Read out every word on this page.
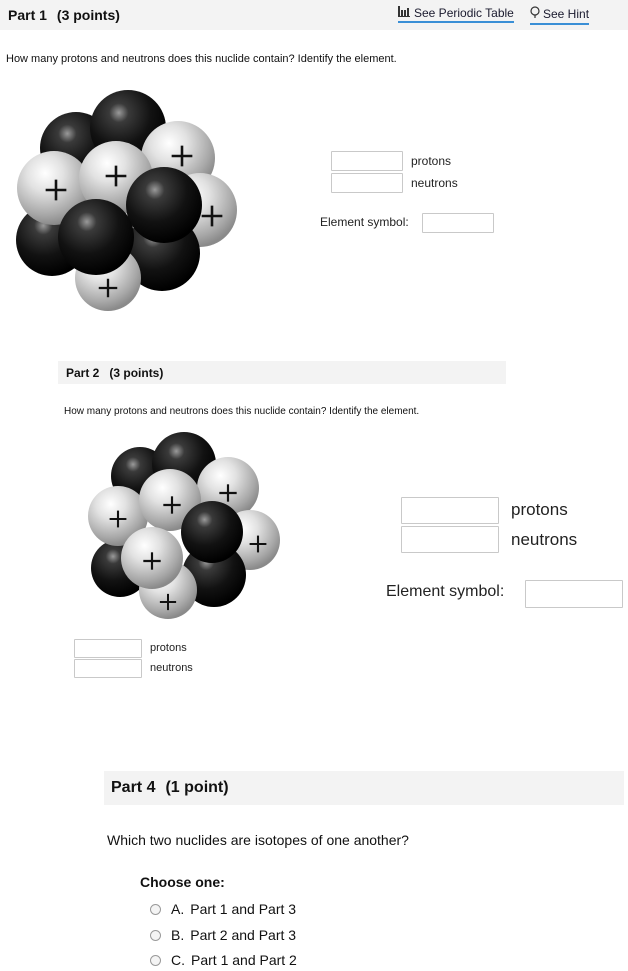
Part 1 (3 points)	See Periodic Table See Hint
How many protons and neutrons does this nuclide contain? Identify the element.
protons
neutrons
Element symbol:
Part 2 (3 points)
How many protons and neutrons does this nuclide contain? Identify the element.
protons
neutrons
Element symbol:
protons
neutrons
Part 4 (1 point)
Which two nuclides are isotopes of one another?
Choose one:
A. Part 1 and Part 3
B. Part 2 and Part 3
C. Part 1 and Part 2
